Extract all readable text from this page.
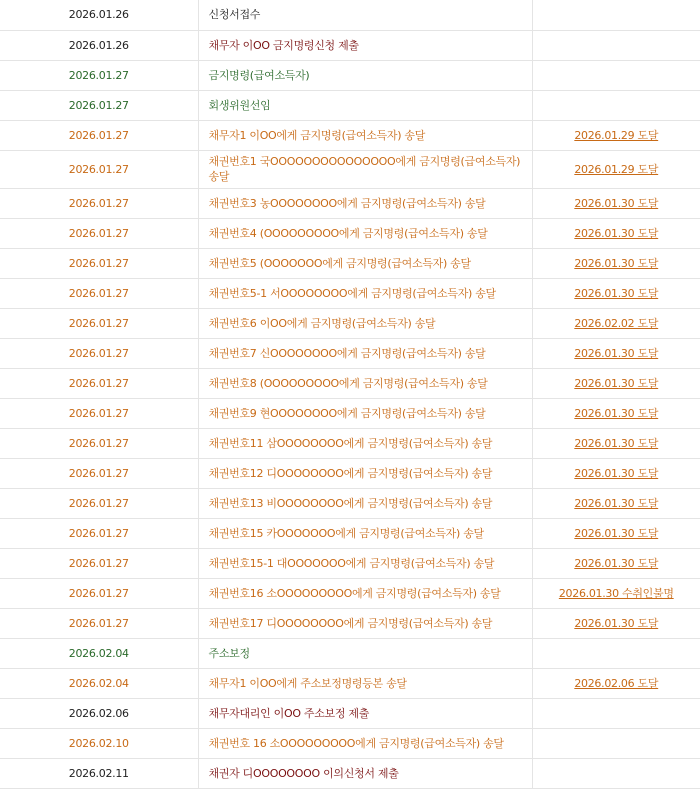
2026.01.26	신청서접수	
2026.01.26	채무자 이OO 금지명령신청 제출	
2026.01.27	금지명령(급여소득자)	
2026.01.27	회생위원선임	
2026.01.27	채무자1 이OO에게 금지명령(급여소득자) 송달	2026.01.29 도달
2026.01.27	채권번호1 국OOOOOOOOOOOOOOO에게 금지명령(급여소득자) 송달	2026.01.29 도달
2026.01.27	채권번호3 농OOOOOOOO에게 금지명령(급여소득자) 송달	2026.01.30 도달
2026.01.27	채권번호4 (OOOOOOOOO에게 금지명령(급여소득자) 송달	2026.01.30 도달
2026.01.27	채권번호5 (OOOOOOO에게 금지명령(급여소득자) 송달	2026.01.30 도달
2026.01.27	채권번호5-1 서OOOOOOOO에게 금지명령(급여소득자) 송달	2026.01.30 도달
2026.01.27	채권번호6 이OO에게 금지명령(급여소득자) 송달	2026.02.02 도달
2026.01.27	채권번호7 신OOOOOOOO에게 금지명령(급여소득자) 송달	2026.01.30 도달
2026.01.27	채권번호8 (OOOOOOOOO에게 금지명령(급여소득자) 송달	2026.01.30 도달
2026.01.27	채권번호9 현OOOOOOOO에게 금지명령(급여소득자) 송달	2026.01.30 도달
2026.01.27	채권번호11 삼OOOOOOOO에게 금지명령(급여소득자) 송달	2026.01.30 도달
2026.01.27	채권번호12 디OOOOOOOO에게 금지명령(급여소득자) 송달	2026.01.30 도달
2026.01.27	채권번호13 비OOOOOOOO에게 금지명령(급여소득자) 송달	2026.01.30 도달
2026.01.27	채권번호15 카OOOOOOO에게 금지명령(급여소득자) 송달	2026.01.30 도달
2026.01.27	채권번호15-1 대OOOOOOO에게 금지명령(급여소득자) 송달	2026.01.30 도달
2026.01.27	채권번호16 소OOOOOOOOO에게 금지명령(급여소득자) 송달	2026.01.30 수취인불명
2026.01.27	채권번호17 디OOOOOOOO에게 금지명령(급여소득자) 송달	2026.01.30 도달
2026.02.04	주소보정	
2026.02.04	채무자1 이OO에게 주소보정명령등본 송달	2026.02.06 도달
2026.02.06	채무자대리인 이OO 주소보정 제출	
2026.02.10	채권번호 16 소OOOOOOOOO에게 금지명령(급여소득자) 송달	
2026.02.11	채권자 디OOOOOOOO 이의신청서 제출	
